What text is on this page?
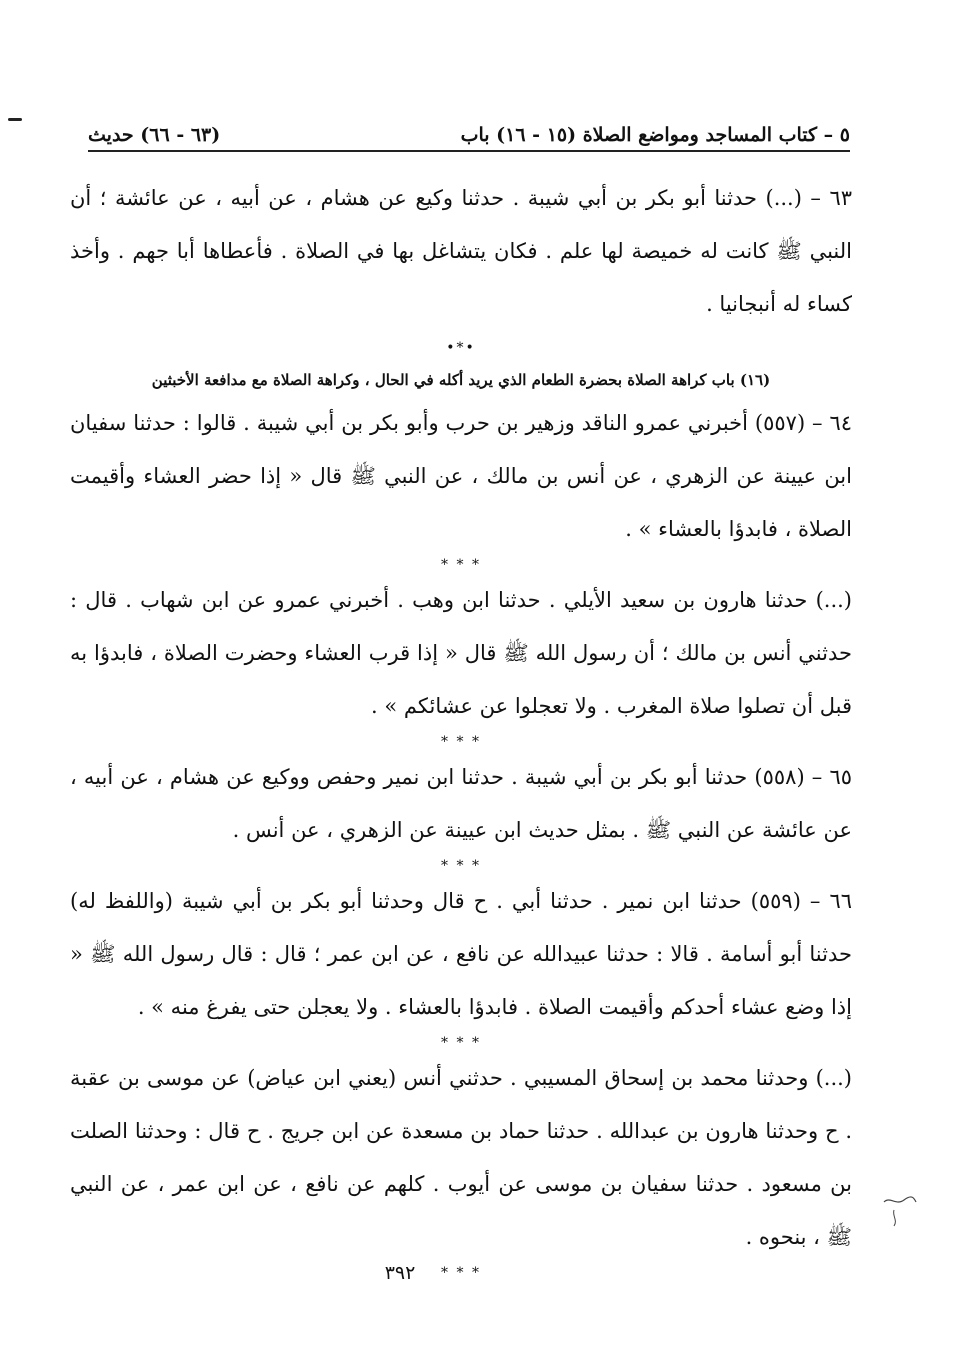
٥ – كتاب المساجد ومواضع الصلاة (١٥ - ١٦) باب
(٦٣ - ٦٦) حديث

٦٣ – (...) حدثنا أبو بكر بن أبي شيبة . حدثنا وكيع عن هشام ، عن أبيه ، عن عائشة ؛ أن النبي ﷺ كانت له خميصة لها علم . فكان يتشاغل بها في الصلاة . فأعطاها أبا جهم . وأخذ كساء له أنبجانيا .

•*•

(١٦) باب كراهة الصلاة بحضرة الطعام الذي يريد أكله في الحال ، وكراهة الصلاة مع مدافعة الأخبثين

٦٤ – (٥٥٧) أخبرني عمرو الناقد وزهير بن حرب وأبو بكر بن أبي شيبة . قالوا : حدثنا سفيان ابن عيينة عن الزهري ، عن أنس بن مالك ، عن النبي ﷺ قال « إذا حضر العشاء وأقيمت الصلاة ، فابدؤا بالعشاء » .

* * *

(...) حدثنا هارون بن سعيد الأيلي . حدثنا ابن وهب . أخبرني عمرو عن ابن شهاب . قال : حدثني أنس بن مالك ؛ أن رسول الله ﷺ قال « إذا قرب العشاء وحضرت الصلاة ، فابدؤا به قبل أن تصلوا صلاة المغرب . ولا تعجلوا عن عشائكم » .

* * *

٦٥ – (٥٥٨) حدثنا أبو بكر بن أبي شيبة . حدثنا ابن نمير وحفص ووكيع عن هشام ، عن أبيه ، عن عائشة عن النبي ﷺ . بمثل حديث ابن عيينة عن الزهري ، عن أنس .

* * *

٦٦ – (٥٥٩) حدثنا ابن نمير . حدثنا أبي . ح قال وحدثنا أبو بكر بن أبي شيبة (واللفظ له) حدثنا أبو أسامة . قالا : حدثنا عبيدالله عن نافع ، عن ابن عمر ؛ قال : قال رسول الله ﷺ « إذا وضع عشاء أحدكم وأقيمت الصلاة . فابدؤا بالعشاء . ولا يعجلن حتى يفرغ منه » .

* * *

(...) وحدثنا محمد بن إسحاق المسيبي . حدثني أنس (يعني ابن عياض) عن موسى بن عقبة . ح وحدثنا هارون بن عبدالله . حدثنا حماد بن مسعدة عن ابن جريج . ح قال : وحدثنا الصلت بن مسعود . حدثنا سفيان بن موسى عن أيوب . كلهم عن نافع ، عن ابن عمر ، عن النبي ﷺ ، بنحوه .

* * *

٣٩٢
